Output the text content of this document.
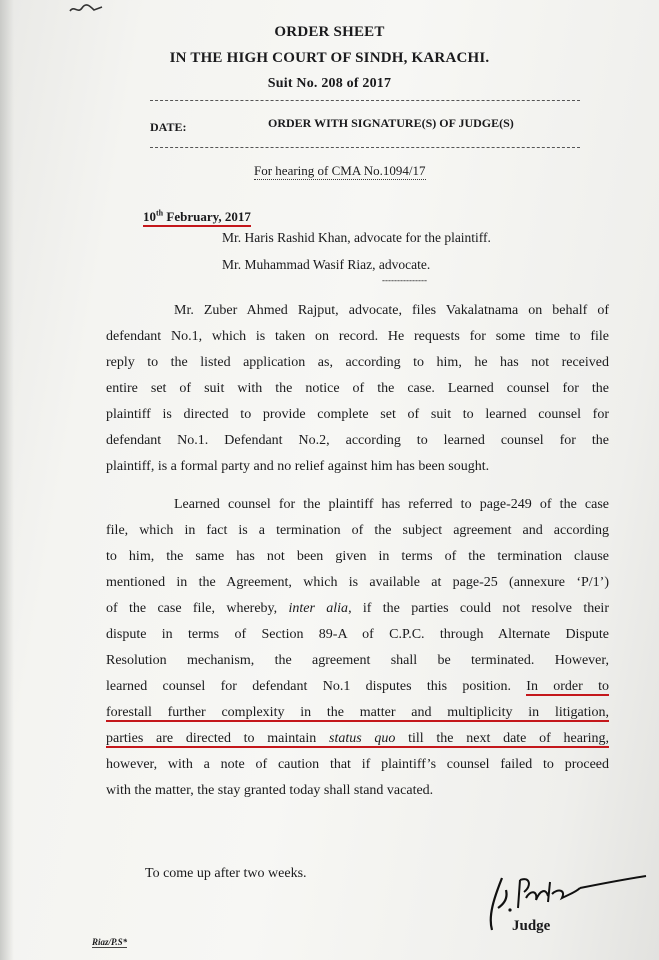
ORDER SHEET
IN THE HIGH COURT OF SINDH, KARACHI.
Suit No. 208 of 2017
DATE:	ORDER WITH SIGNATURE(S) OF JUDGE(S)
For hearing of CMA No.1094/17
10th February, 2017
Mr. Haris Rashid Khan, advocate for the plaintiff.
Mr. Muhammad Wasif Riaz, advocate.
---------------
Mr. Zuber Ahmed Rajput, advocate, files Vakalatnama on behalf of
defendant No.1, which is taken on record. He requests for some time to file
reply to the listed application as, according to him, he has not received
entire set of suit with the notice of the case. Learned counsel for the
plaintiff is directed to provide complete set of suit to learned counsel for
defendant No.1. Defendant No.2, according to learned counsel for the
plaintiff, is a formal party and no relief against him has been sought.
Learned counsel for the plaintiff has referred to page-249 of the case
file, which in fact is a termination of the subject agreement and according
to him, the same has not been given in terms of the termination clause
mentioned in the Agreement, which is available at page-25 (annexure ‘P/1’)
of the case file, whereby, inter alia, if the parties could not resolve their
dispute in terms of Section 89-A of C.P.C. through Alternate Dispute
Resolution mechanism, the agreement shall be terminated. However,
learned counsel for defendant No.1 disputes this position. In order to
forestall further complexity in the matter and multiplicity in litigation,
parties are directed to maintain status quo till the next date of hearing,
however, with a note of caution that if plaintiff’s counsel failed to proceed
with the matter, the stay granted today shall stand vacated.
To come up after two weeks.
Judge
Riaz/P.S*
